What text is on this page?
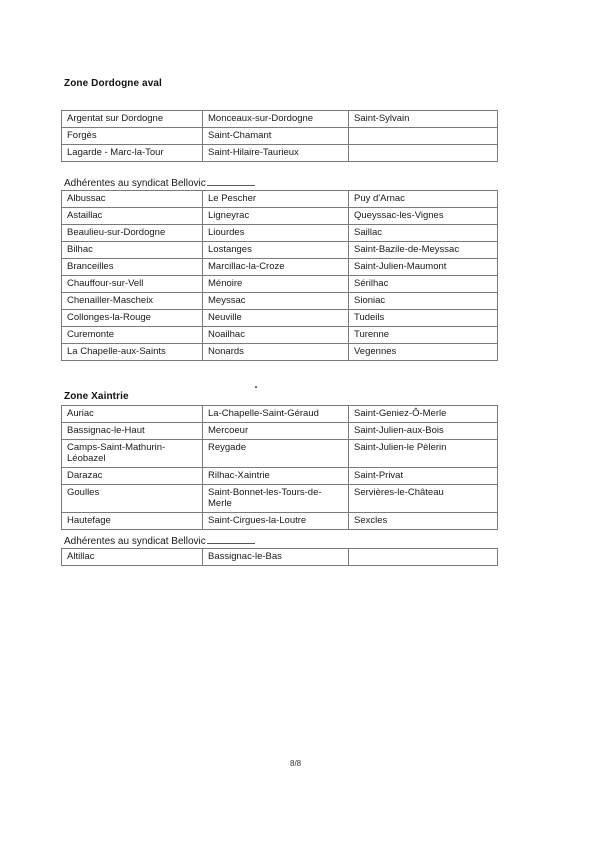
Zone Dordogne aval

Argentat sur Dordogne	Monceaux-sur-Dordogne	Saint-Sylvain
Forgès	Saint-Chamant	
Lagarde - Marc-la-Tour	Saint-Hilaire-Taurieux	

Adhérentes au syndicat Bellovic

Albussac	Le Pescher	Puy d'Arnac
Astaillac	Ligneyrac	Queyssac-les-Vignes
Beaulieu-sur-Dordogne	Liourdes	Saillac
Bilhac	Lostanges	Saint-Bazile-de-Meyssac
Branceilles	Marcillac-la-Croze	Saint-Julien-Maumont
Chauffour-sur-Vell	Ménoire	Sérilhac
Chenailler-Mascheix	Meyssac	Sioniac
Collonges-la-Rouge	Neuville	Tudeils
Curemonte	Noailhac	Turenne
La Chapelle-aux-Saints	Nonards	Vegennes

Zone Xaintrie

Auriac	La-Chapelle-Saint-Géraud	Saint-Geniez-Ô-Merle
Bassignac-le-Haut	Mercoeur	Saint-Julien-aux-Bois
Camps-Saint-Mathurin-Léobazel	Reygade	Saint-Julien-le Pèlerin
Darazac	Rilhac-Xaintrie	Saint-Privat
Goulles	Saint-Bonnet-les-Tours-de-Merle	Servières-le-Château
Hautefage	Saint-Cirgues-la-Loutre	Sexcles

Adhérentes au syndicat Bellovic

Altillac	Bassignac-le-Bas	
8/8
